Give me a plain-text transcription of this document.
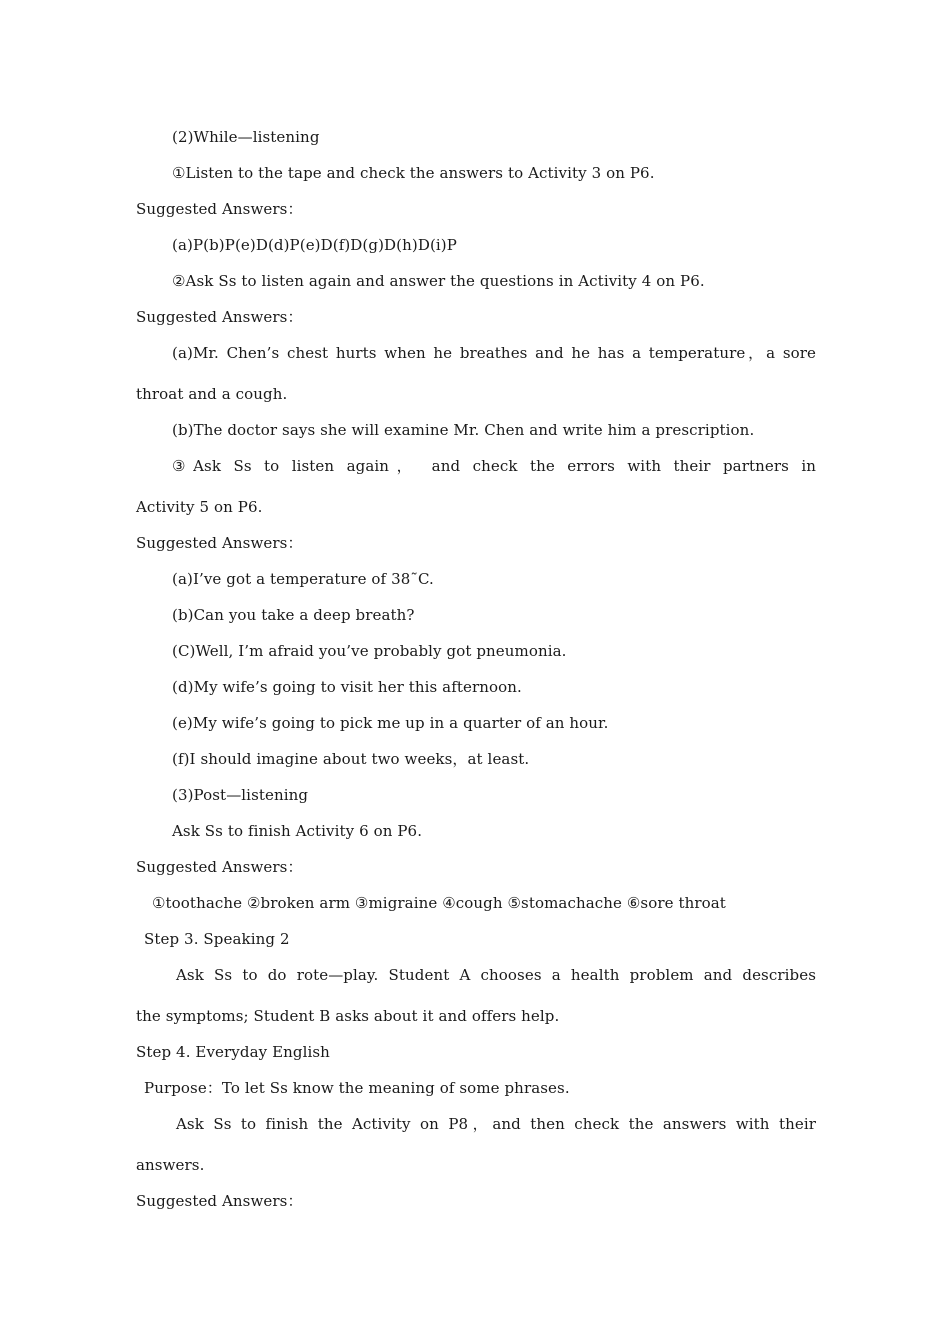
(2)While—listening

①Listen to the tape and check the answers to Activity 3 on P6.

Suggested Answers：

(a)P(b)P(e)D(d)P(e)D(f)D(g)D(h)D(i)P

②Ask Ss to listen again and answer the questions in Activity 4 on P6.

Suggested Answers：

(a)Mr. Chen’s chest hurts when he breathes and he has a temperature，a sore

throat and a cough.

(b)The doctor says she will examine Mr. Chen and write him a prescription.

③Ask Ss to listen again， and check the errors with their partners in

Activity 5 on P6.

Suggested Answers：

(a)I’ve got a temperature of 38˜C.

(b)Can you take a deep breath?

(C)Well, I’m afraid you’ve probably got pneumonia.

(d)My wife’s going to visit her this afternoon.

(e)My wife’s going to pick me up in a quarter of an hour.

(f)I should imagine about two weeks，at least.

(3)Post—listening

Ask Ss to finish Activity 6 on P6.

Suggested Answers：

①toothache ②broken arm ③migraine ④cough ⑤stomachache ⑥sore throat

Step 3. Speaking 2

Ask Ss to do rote—play. Student A chooses a health problem and describes

the symptoms; Student B asks about it and offers help.

Step 4. Everyday English

Purpose：To let Ss know the meaning of some phrases.

Ask Ss to finish the Activity on P8，and then check the answers with their

answers.

Suggested Answers：
